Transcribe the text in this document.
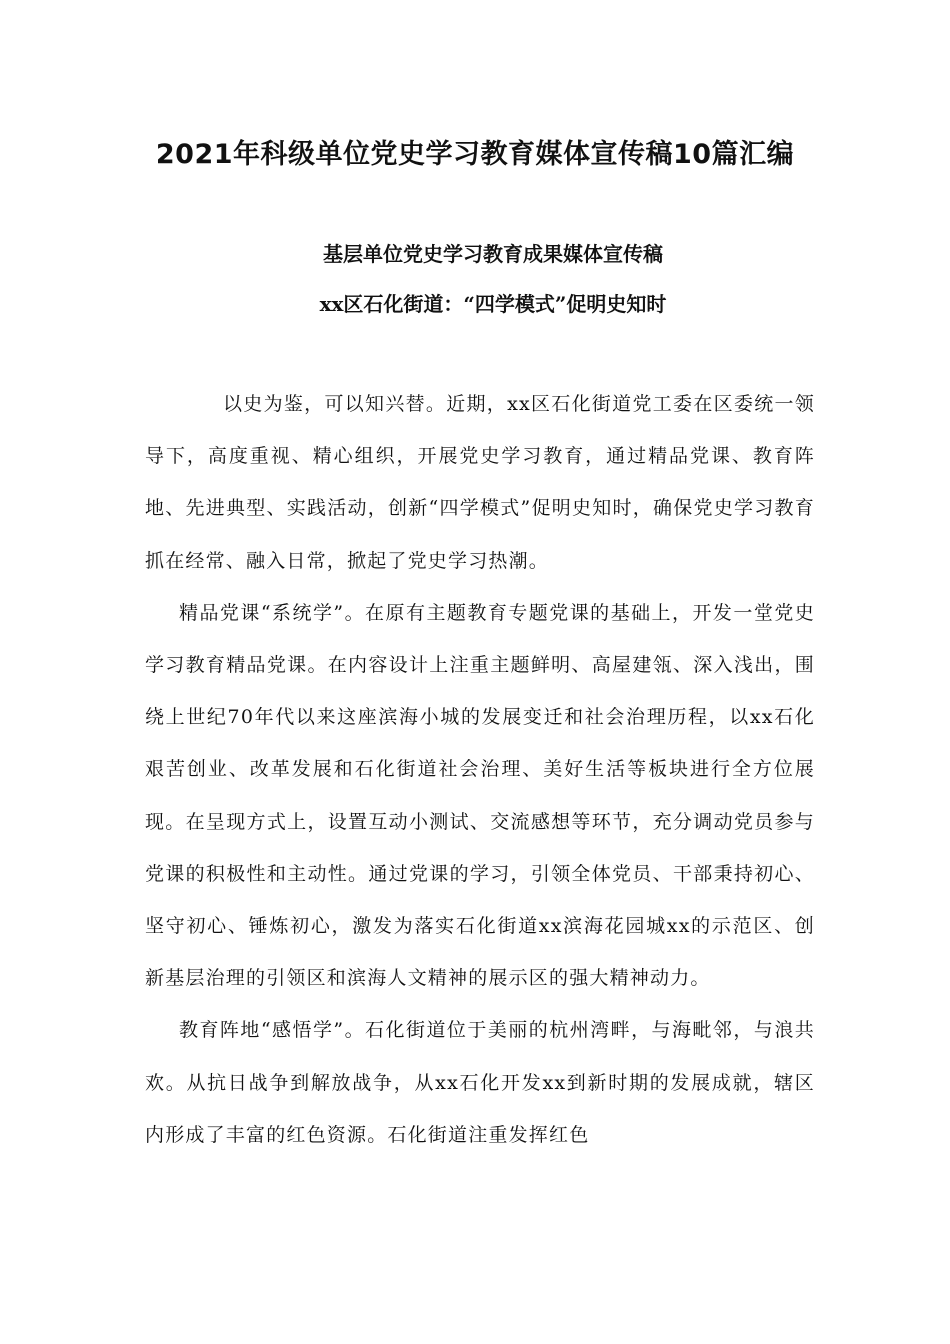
2021年科级单位党史学习教育媒体宣传稿10篇汇编
基层单位党史学习教育成果媒体宣传稿
xx区石化街道：“四学模式”促明史知时

以史为鉴，可以知兴替。近期，xx区石化街道党工委在区委统一领导下，高度重视、精心组织，开展党史学习教育，通过精品党课、教育阵地、先进典型、实践活动，创新“四学模式”促明史知时，确保党史学习教育抓在经常、融入日常，掀起了党史学习热潮。

精品党课“系统学”。在原有主题教育专题党课的基础上，开发一堂党史学习教育精品党课。在内容设计上注重主题鲜明、高屋建瓴、深入浅出，围绕上世纪70年代以来这座滨海小城的发展变迁和社会治理历程，以xx石化艰苦创业、改革发展和石化街道社会治理、美好生活等板块进行全方位展现。在呈现方式上，设置互动小测试、交流感想等环节，充分调动党员参与党课的积极性和主动性。通过党课的学习，引领全体党员、干部秉持初心、坚守初心、锤炼初心，激发为落实石化街道xx滨海花园城xx的示范区、创新基层治理的引领区和滨海人文精神的展示区的强大精神动力。

教育阵地“感悟学”。石化街道位于美丽的杭州湾畔，与海毗邻，与浪共欢。从抗日战争到解放战争，从xx石化开发xx到新时期的发展成就，辖区内形成了丰富的红色资源。石化街道注重发挥红色
